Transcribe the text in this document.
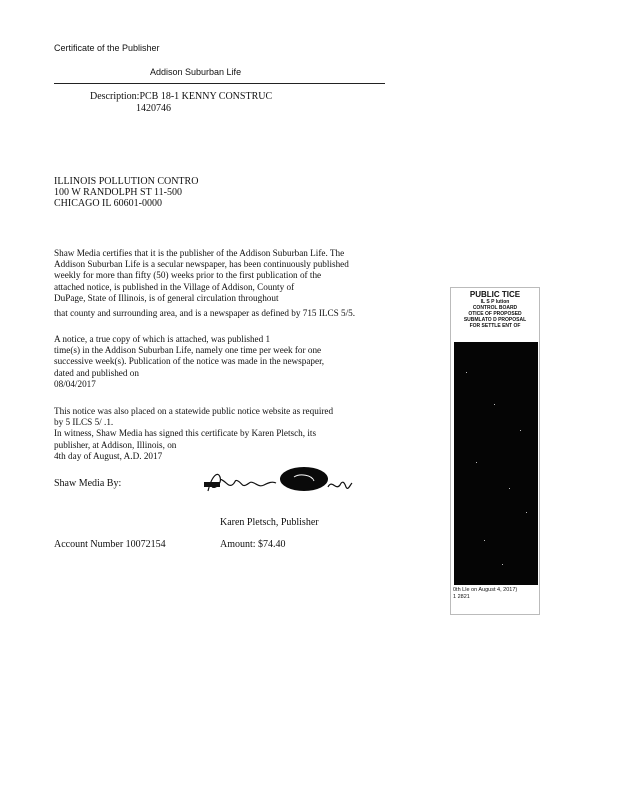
Certificate of the Publisher
Addison Suburban Life
Description:PCB 18-1 KENNY CONSTRUC
1420746
ILLINOIS POLLUTION CONTRO
100 W RANDOLPH ST 11-500
CHICAGO IL 60601-0000
Shaw Media certifies that it is the publisher of the Addison Suburban Life. The
Addison Suburban Life is a secular newspaper, has been continuously published
weekly for more than fifty (50) weeks prior to the first publication of the
attached notice, is published in the Village of Addison, County of
DuPage, State of Illinois, is of general circulation throughout
that county and surrounding area, and is a newspaper as defined by 715 ILCS 5/5.
A notice, a true copy of which is attached, was published 1
time(s) in the Addison Suburban Life, namely one time per week for one
successive week(s). Publication of the notice was made in the newspaper,
dated and published on
08/04/2017
This notice was also placed on a statewide public notice website as required
by 5 ILCS 5/ .1.
In witness, Shaw Media has signed this certificate by Karen Pletsch, its
publisher, at Addison, Illinois, on
4th day of August, A.D. 2017
Shaw Media By:
Karen Pletsch, Publisher
Account Number 10072154	Amount: $74.40
PUBLIC TICE
IL S P lution
CONTROL BOARD
OTICE OF PROPOSED
SUBMLATO D PROPOSAL
FOR SETTLE ENT OF
0th Lle on August 4, 2017)
1 2821
